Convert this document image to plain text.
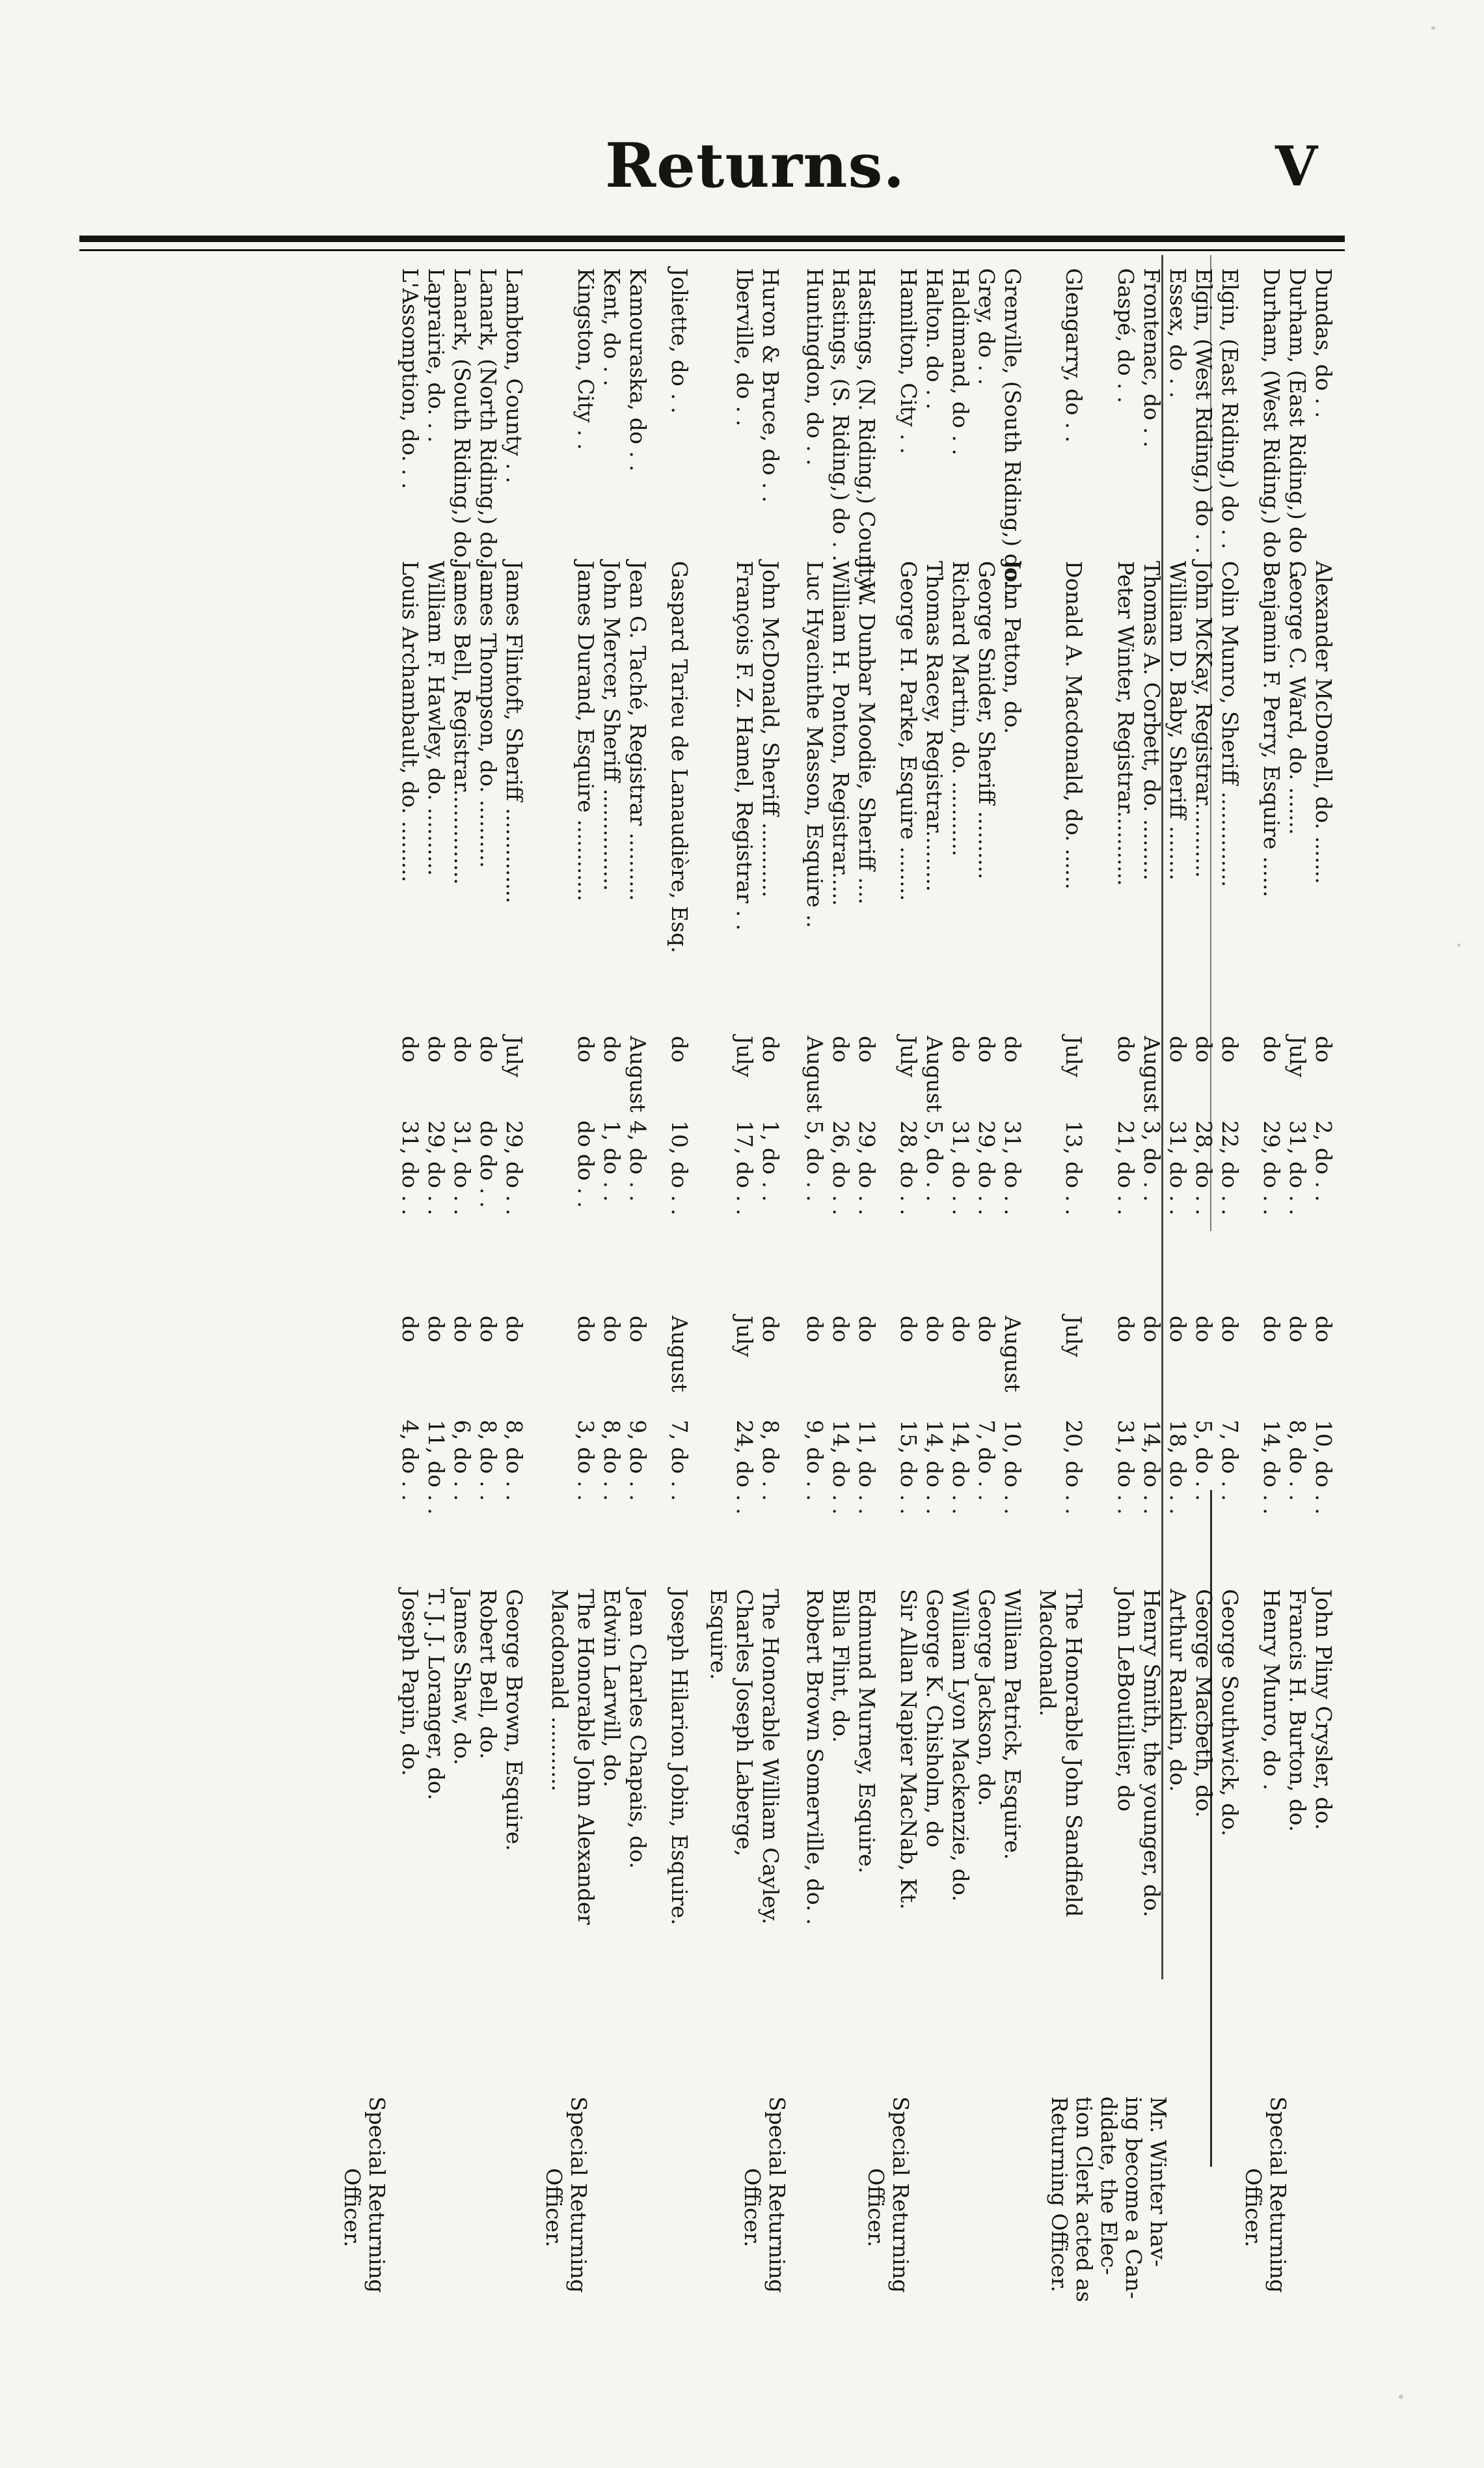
Returns.	V
Dundas, do . .
Alexander McDonell, do. .......
do
2, do . .
do
10, do . .
John Pliny Crysler, do.
Durham, (East Riding,) do . .
George C. Ward, do. .......
July
31, do . .
do
8, do . .
Francis H. Burton, do.
Durham, (West Riding,) do . .
Benjamin F. Perry, Esquire ......
do
29, do . .
do
14, do . .
Henry Munro, do .
Elgin, (East Riding,) do . .
Colin Munro, Sheriff ..............
do
22, do . .
do
7, do . .
George Southwick, do.
Elgin, (West Riding,) do . .
John McKay, Registrar...........
do
28, do . .
do
5, do . .
George Macbeth, do.
Essex, do . .
William D. Baby, Sheriff ........
do
31, do . .
do
18, do . .
Arthur Rankin, do.
Frontenac, do . .
Thomas A. Corbett, do. .........
August
3, do . .
do
14, do . .
Henry Smith, the younger, do.
Gaspé, do . .
Peter Winter, Registrar...........
do
21, do . .
do
31, do . .
John LeBoutillier, do
Glengarry, do . .
Donald A. Macdonald, do. ......
July
13, do . .
July
20, do . .
The Honorable John Sandfield
Macdonald.
Grenville, (South Riding,) do. .
John Patton, do.
do
31, do . .
August
10, do . .
William Patrick, Esquire.
Grey, do . .
George Snider, Sheriff ..........
do
29, do . .
do
7, do . .
George Jackson, do.
Haldimand, do . .
Richard Martin, do. ...........
do
31, do . .
do
14, do . .
William Lyon Mackenzie, do.
Halton. do . .
Thomas Racey, Registrar.........
August
5, do . .
do
14, do . .
George K. Chisholm, do
Hamilton, City . .
George H. Parke, Esquire ........
July
28, do . .
do
15, do . .
Sir Allan Napier MacNab, Kt.
Hastings, (N. Riding,) County .
J. W. Dunbar Moodie, Sheriff ....
do
29, do . .
do
11, do . .
Edmund Murney, Esquire.
Hastings, (S. Riding,) do . .
William H. Ponton, Registrar.....
do
26, do . .
do
14, do . .
Billa Flint, do.
Huntingdon, do . .
Luc Hyacinthe Masson, Esquire ..
August
5, do . .
do
9, do . .
Robert Brown Somerville, do. .
Huron & Bruce, do . .
John McDonald, Sheriff ...........
do
1, do . .
do
8, do . .
The Honorable William Cayley.
Iberville, do . .
François F. Z. Hamel, Registrar . .
July
17, do . .
July
24, do . .
Charles Joseph Laberge,
Esquire.
Joliette, do . .
Gaspard Tarieu de Lanaudière, Esq.
do
10, do . .
August
7, do . .
Joseph Hilarion Jobin, Esquire.
Kamouraska, do . .
Jean G. Taché, Registrar ..........
August
4, do . .
do
9, do . .
Jean Charles Chapais, do.
Kent, do . .
John Mercer, Sheriff ...............
do
1, do . .
do
8, do . .
Edwin Larwill, do.
Kingston, City . .
James Durand, Esquire ............
do
do do . .
do
3, do . .
The Honorable John Alexander
Macdonald ...........
Lambton, County . .
James Flintoft, Sheriff ..............
July
29, do . .
do
8, do . .
George Brown, Esquire.
Lanark, (North Riding,) do. . .
James Thompson, do. ..........
do
do do . .
do
8, do . .
Robert Bell, do.
Lanark, (South Riding,) do. . .
James Bell, Registrar..............
do
31, do . .
do
6, do . .
James Shaw, do.
Laprairie, do. . .
William F. Hawley, do. ..........
do
29, do . .
do
11, do . .
T. J. J. Loranger, do.
L'Assomption, do. . .
Louis Archambault, do. .........
do
31, do . .
do
4, do . .
Joseph Papin, do.
Special Returning
Officer.
Mr. Winter hav-
ing become a Can-
didate, the Elec-
tion Clerk acted as
Returning Officer.
Special Returning
Officer.
Special Returning
Officer.
Special Returning
Officer.
Special Returning
Officer.
